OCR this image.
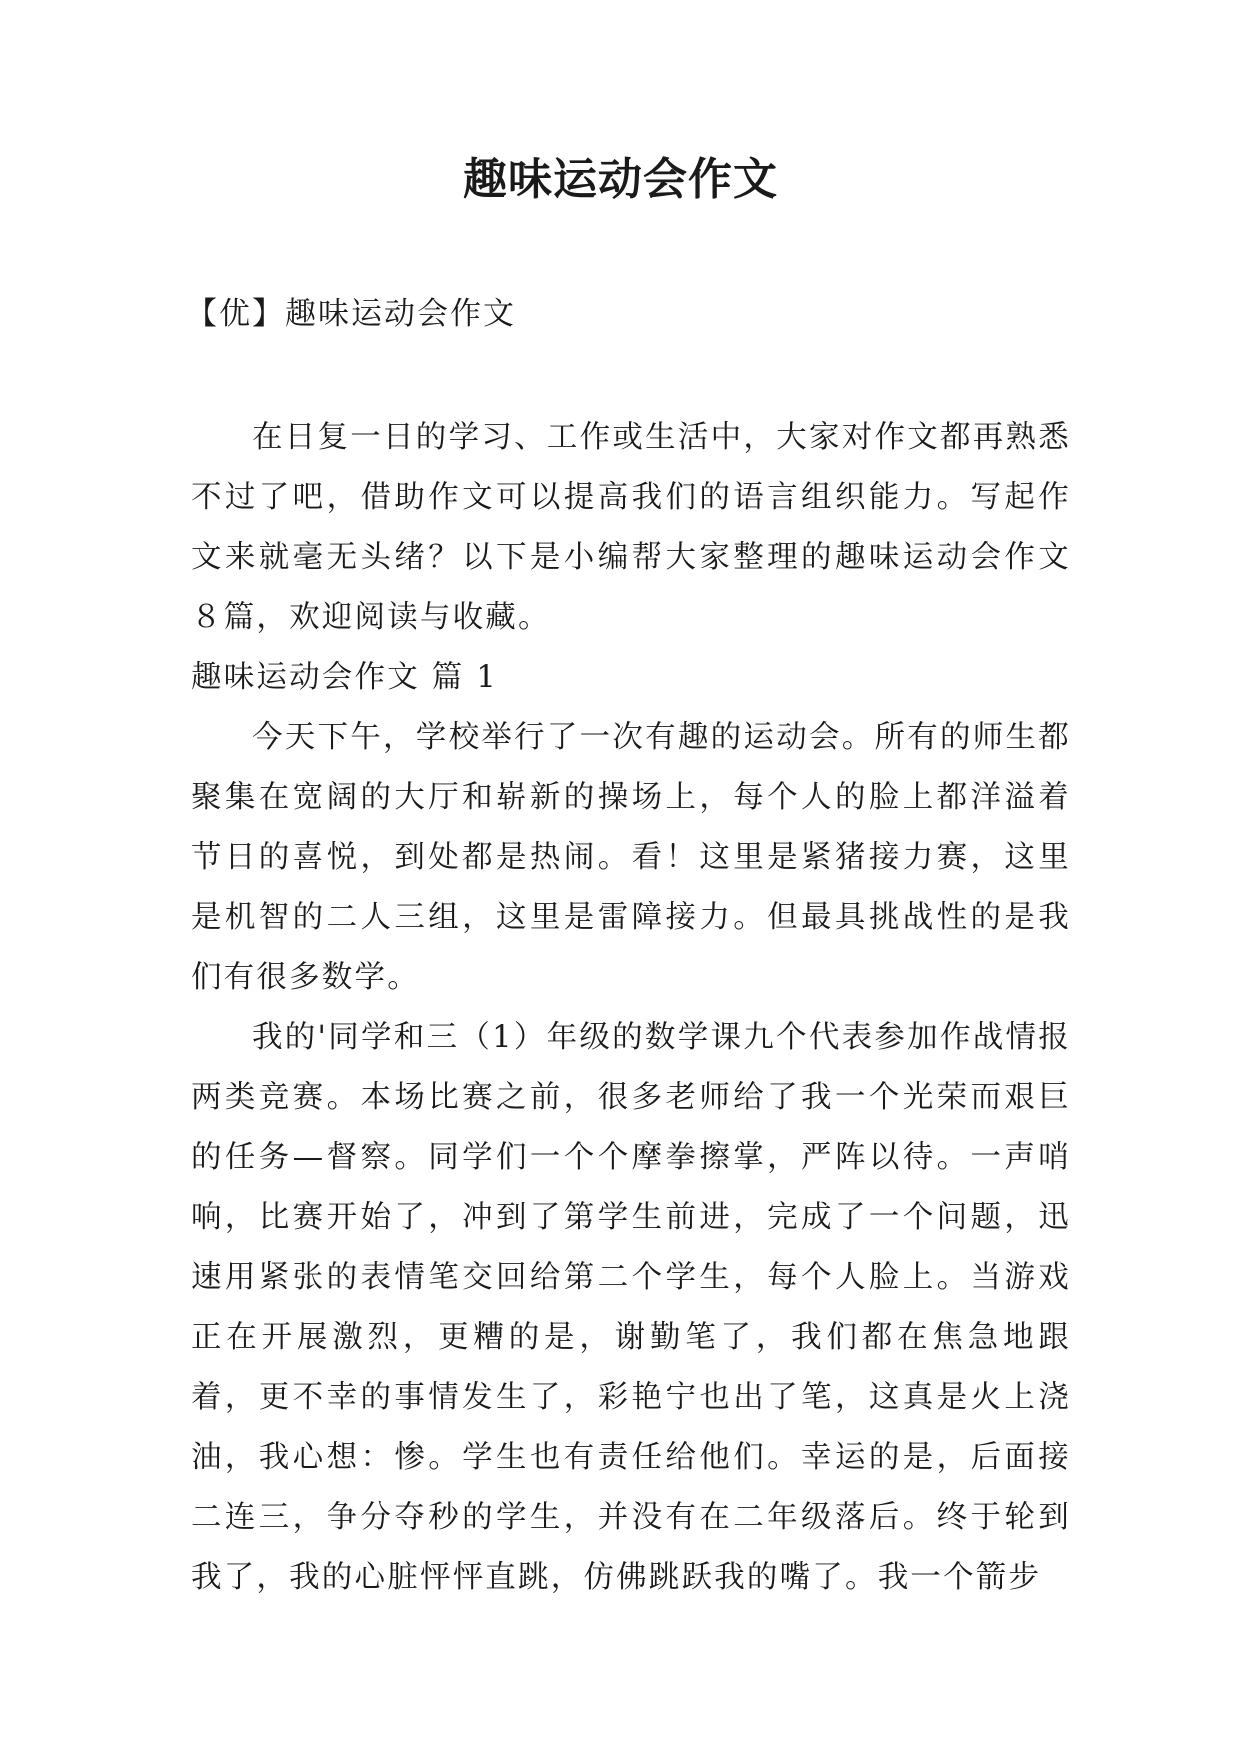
趣味运动会作文
【优】趣味运动会作文

在日复一日的学习、工作或生活中，大家对作文都再熟悉不过了吧，借助作文可以提高我们的语言组织能力。写起作文来就毫无头绪？以下是小编帮大家整理的趣味运动会作文８篇，欢迎阅读与收藏。

趣味运动会作文 篇 1

今天下午，学校举行了一次有趣的运动会。所有的师生都聚集在宽阔的大厅和崭新的操场上，每个人的脸上都洋溢着节日的喜悦，到处都是热闹。看！这里是紧猪接力赛，这里是机智的二人三组，这里是雷障接力。但最具挑战性的是我们有很多数学。

我的'同学和三（1）年级的数学课九个代表参加作战情报两类竞赛。本场比赛之前，很多老师给了我一个光荣而艰巨的任务—督察。同学们一个个摩拳擦掌，严阵以待。一声哨响，比赛开始了，冲到了第学生前进，完成了一个问题，迅速用紧张的表情笔交回给第二个学生，每个人脸上。当游戏正在开展激烈，更糟的是，谢勤笔了，我们都在焦急地跟着，更不幸的事情发生了，彩艳宁也出了笔，这真是火上浇油，我心想：惨。学生也有责任给他们。幸运的是，后面接二连三，争分夺秒的学生，并没有在二年级落后。终于轮到我了，我的心脏怦怦直跳，仿佛跳跃我的嘴了。我一个箭步
